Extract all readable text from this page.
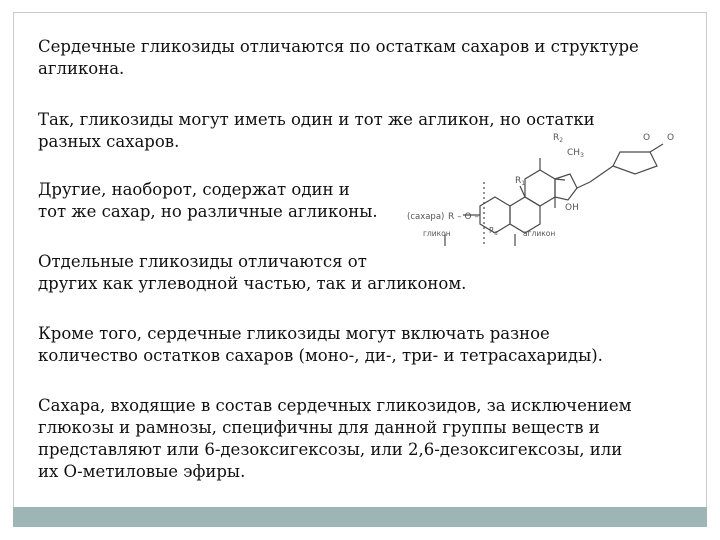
Сердечные гликозиды отличаются по остаткам сахаров и структуре
агликона.

Так, гликозиды могут иметь один и тот же агликон, но остатки
разных сахаров.

Другие, наоборот, содержат один и
тот же сахар, но различные агликоны.

Отдельные гликозиды отличаются от
других как углеводной частью, так и агликоном.

Кроме того, сердечные гликозиды могут включать разное
количество остатков сахаров (моно-, ди-, три- и тетрасахариды).

Сахара, входящие в состав сердечных гликозидов, за исключением
глюкозы и рамнозы, специфичны для данной группы веществ и
представляют или 6-дезоксигексозы, или 2,6-дезоксигексозы, или
их О-метиловые эфиры.

(сахара) R – O –
гликон	агликон
$R_1$
$R_2$
$R_3$
$CH_3$
OH
O O
